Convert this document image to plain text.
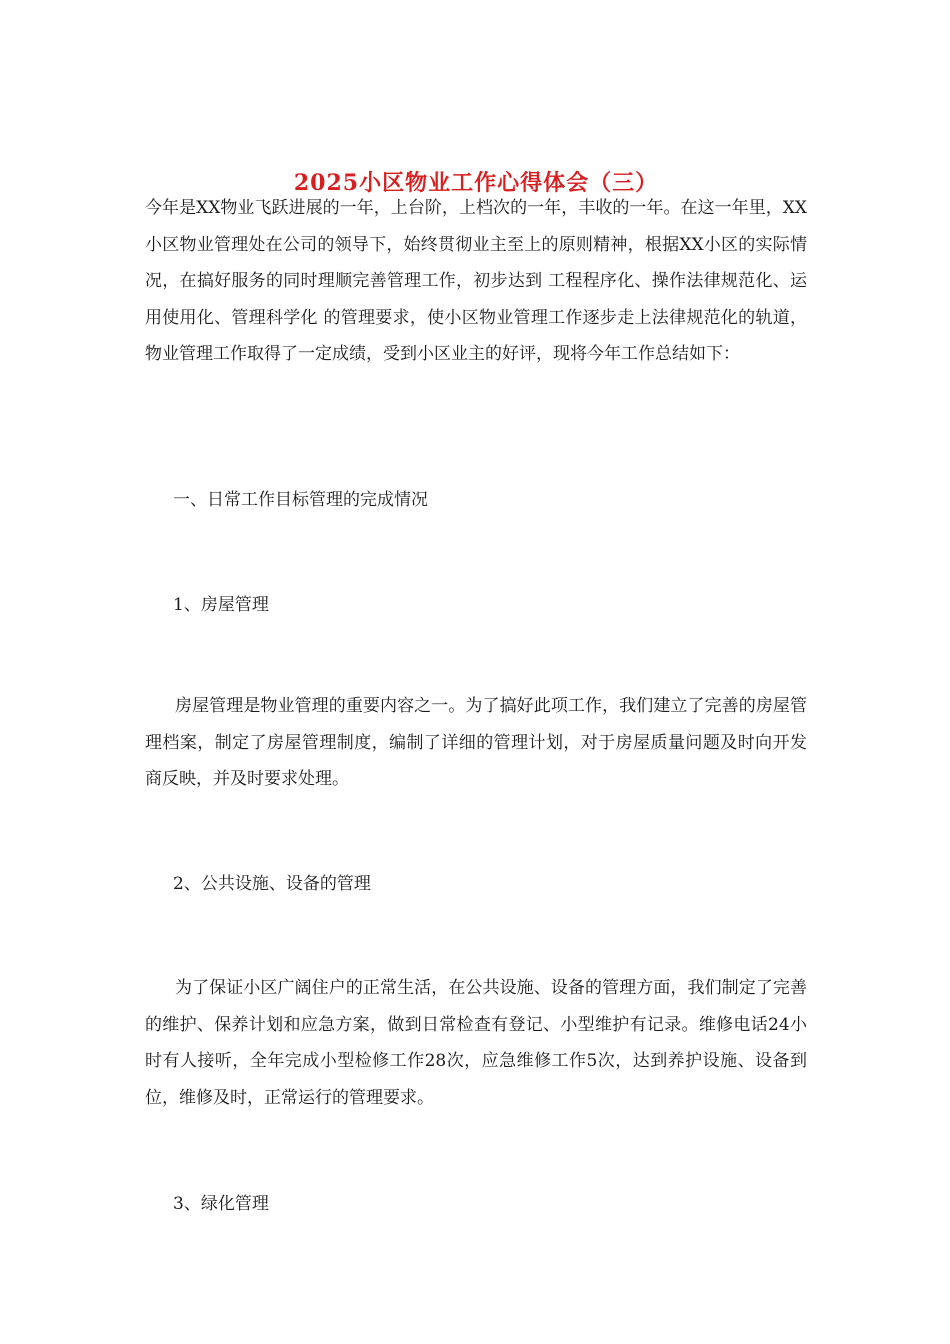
2025小区物业工作心得体会（三）

今年是XX物业飞跃进展的一年，上台阶，上档次的一年，丰收的一年。在这一年里，XX小区物业管理处在公司的领导下，始终贯彻业主至上的原则精神，根据XX小区的实际情况，在搞好服务的同时理顺完善管理工作，初步达到 工程程序化、操作法律规范化、运用使用化、管理科学化 的管理要求，使小区物业管理工作逐步走上法律规范化的轨道，物业管理工作取得了一定成绩，受到小区业主的好评，现将今年工作总结如下：

一、日常工作目标管理的完成情况

1、房屋管理

房屋管理是物业管理的重要内容之一。为了搞好此项工作，我们建立了完善的房屋管理档案，制定了房屋管理制度，编制了详细的管理计划，对于房屋质量问题及时向开发商反映，并及时要求处理。

2、公共设施、设备的管理

为了保证小区广阔住户的正常生活，在公共设施、设备的管理方面，我们制定了完善的维护、保养计划和应急方案，做到日常检查有登记、小型维护有记录。维修电话24小时有人接听，全年完成小型检修工作28次，应急维修工作5次，达到养护设施、设备到位，维修及时，正常运行的管理要求。

3、绿化管理
